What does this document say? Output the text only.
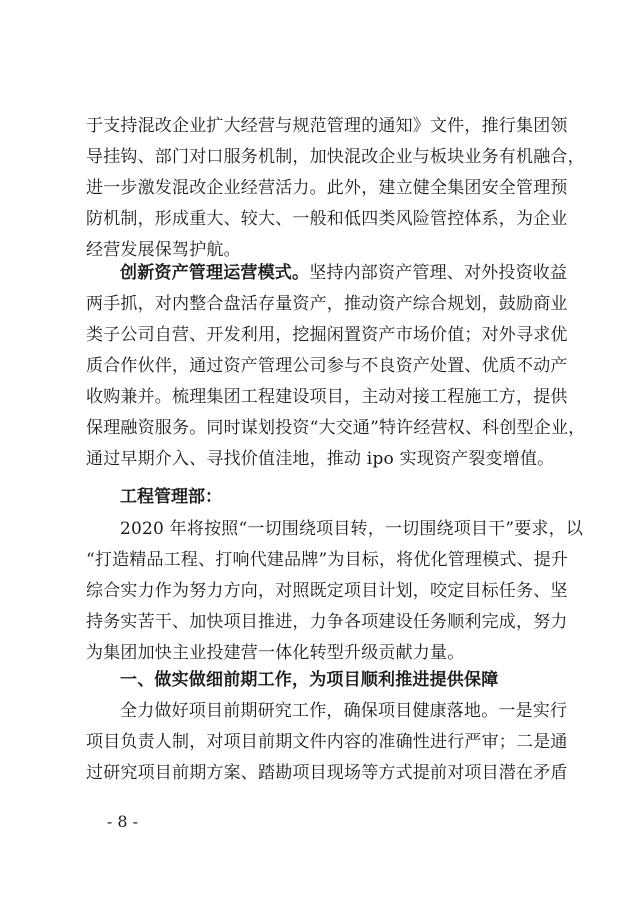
于支持混改企业扩大经营与规范管理的通知》文件，推行集团领
导挂钩、部门对口服务机制，加快混改企业与板块业务有机融合，
进一步激发混改企业经营活力。此外，建立健全集团安全管理预
防机制，形成重大、较大、一般和低四类风险管控体系，为企业
经营发展保驾护航。
创新资产管理运营模式。坚持内部资产管理、对外投资收益
两手抓，对内整合盘活存量资产，推动资产综合规划，鼓励商业
类子公司自营、开发利用，挖掘闲置资产市场价值；对外寻求优
质合作伙伴，通过资产管理公司参与不良资产处置、优质不动产
收购兼并。梳理集团工程建设项目，主动对接工程施工方，提供
保理融资服务。同时谋划投资“大交通”特许经营权、科创型企业，
通过早期介入、寻找价值洼地，推动 ipo 实现资产裂变增值。

工程管理部：

2020 年将按照“一切围绕项目转，一切围绕项目干”要求，以
“打造精品工程、打响代建品牌”为目标，将优化管理模式、提升
综合实力作为努力方向，对照既定项目计划，咬定目标任务、坚
持务实苦干、加快项目推进，力争各项建设任务顺利完成，努力
为集团加快主业投建营一体化转型升级贡献力量。
一、做实做细前期工作，为项目顺利推进提供保障
全力做好项目前期研究工作，确保项目健康落地。一是实行
项目负责人制，对项目前期文件内容的准确性进行严审；二是通
过研究项目前期方案、踏勘项目现场等方式提前对项目潜在矛盾

- 8 -
